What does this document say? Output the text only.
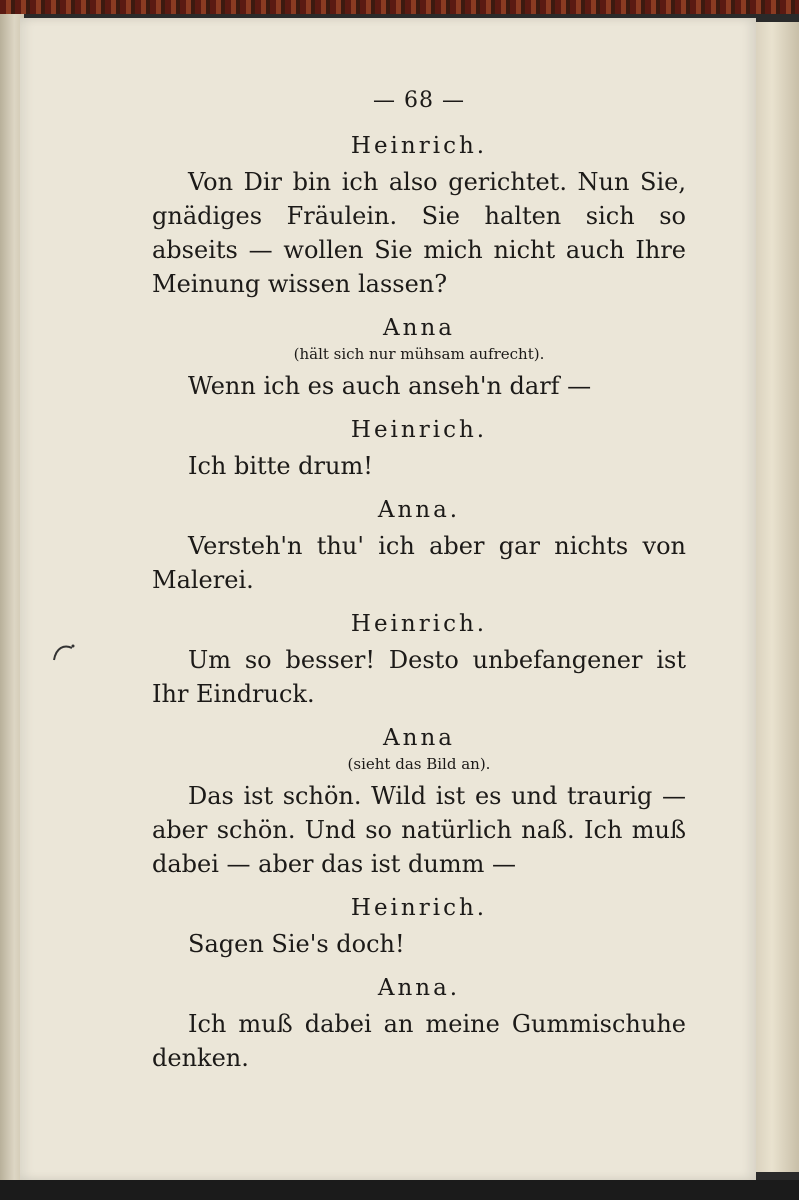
— 68 —
Heinrich.
Von Dir bin ich also gerichtet. Nun Sie, gnädiges Fräulein. Sie halten sich so abseits — wollen Sie mich nicht auch Ihre Meinung wissen lassen?
Anna
(hält sich nur mühsam aufrecht).
Wenn ich es auch anseh'n darf —
Heinrich.
Ich bitte drum!
Anna.
Versteh'n thu' ich aber gar nichts von Malerei.
Heinrich.
Um so besser! Desto unbefangener ist Ihr Eindruck.
Anna
(sieht das Bild an).
Das ist schön. Wild ist es und traurig — aber schön. Und so natürlich naß. Ich muß dabei — aber das ist dumm —
Heinrich.
Sagen Sie's doch!
Anna.
Ich muß dabei an meine Gummischuhe denken.
